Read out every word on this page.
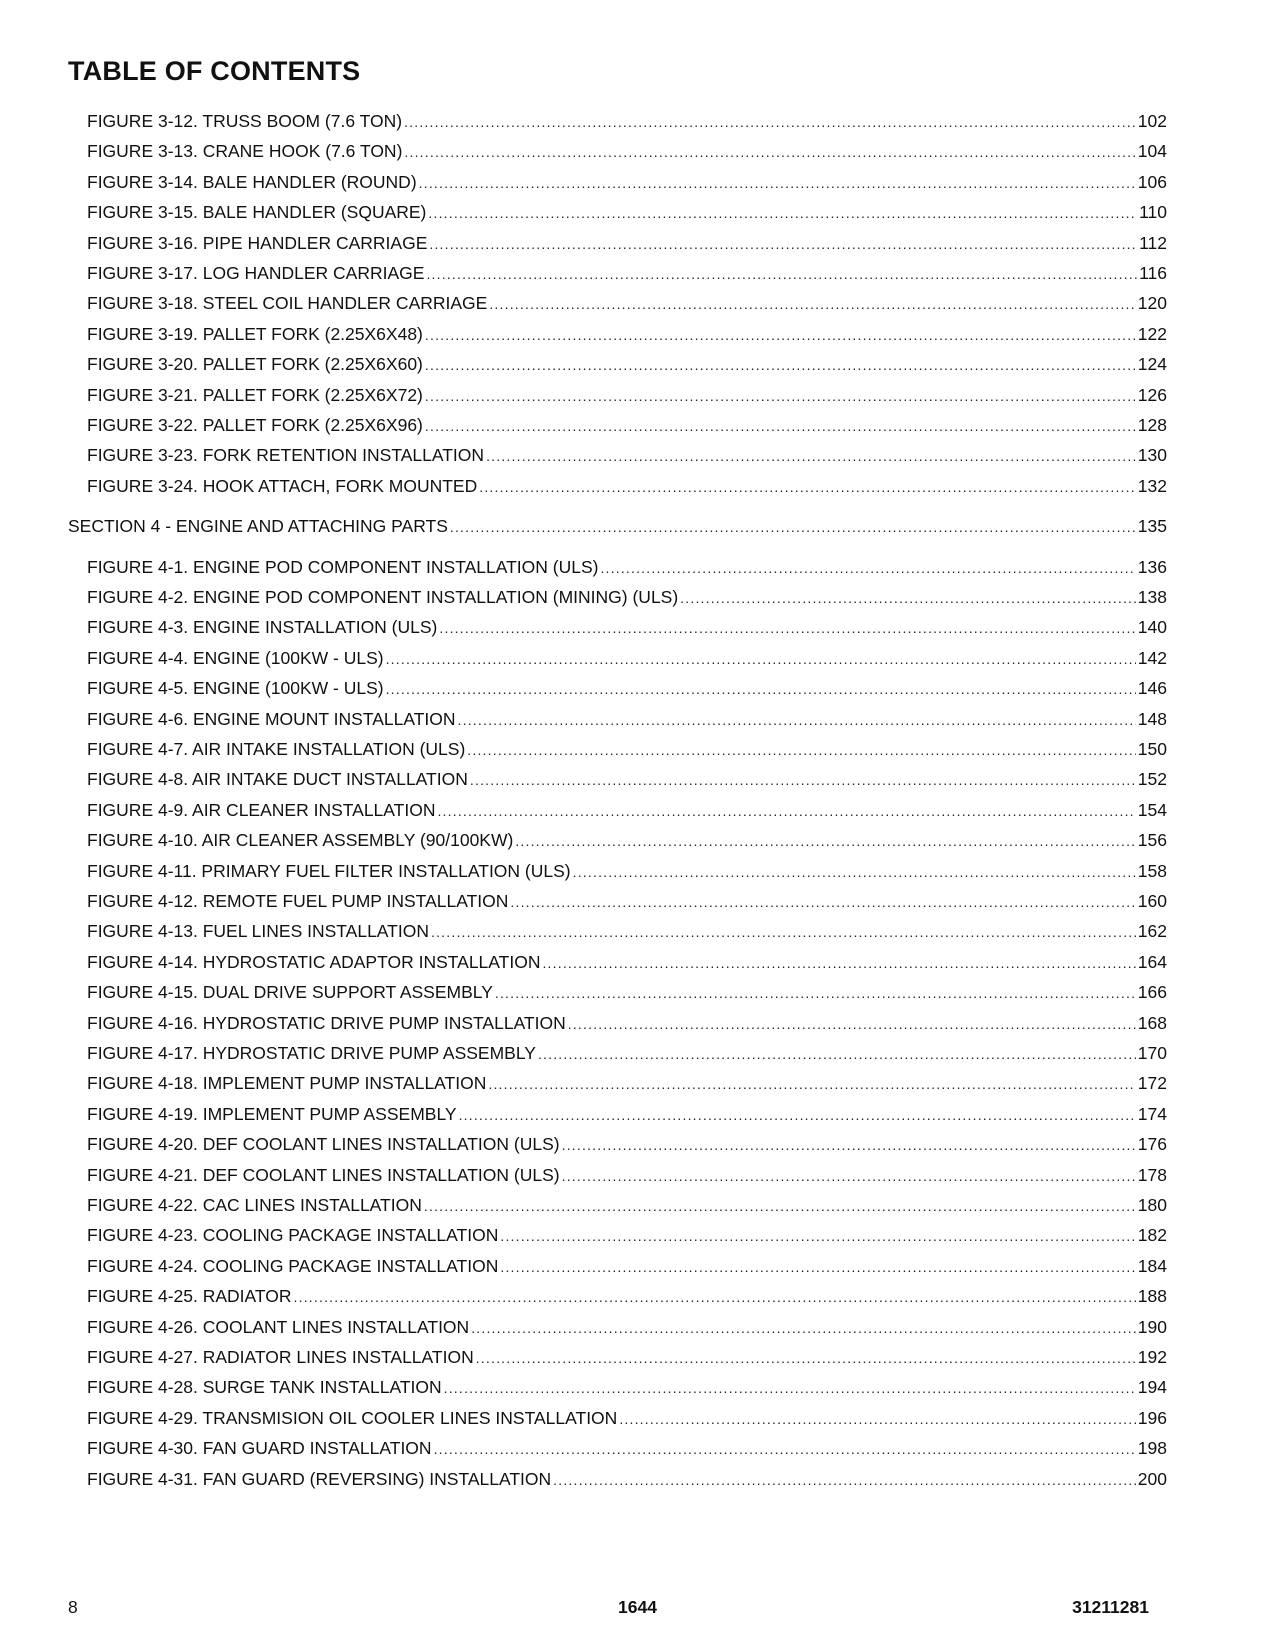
TABLE OF CONTENTS
FIGURE 3-12. TRUSS BOOM (7.6 TON) .....	102
FIGURE 3-13. CRANE HOOK (7.6 TON) .....	104
FIGURE 3-14. BALE HANDLER (ROUND) .....	106
FIGURE 3-15. BALE HANDLER (SQUARE) .....	110
FIGURE 3-16. PIPE HANDLER CARRIAGE .....	112
FIGURE 3-17. LOG HANDLER CARRIAGE .....	116
FIGURE 3-18. STEEL COIL HANDLER CARRIAGE .....	120
FIGURE 3-19. PALLET FORK (2.25X6X48) .....	122
FIGURE 3-20. PALLET FORK (2.25X6X60) .....	124
FIGURE 3-21. PALLET FORK (2.25X6X72) .....	126
FIGURE 3-22. PALLET FORK (2.25X6X96) .....	128
FIGURE 3-23. FORK RETENTION INSTALLATION .....	130
FIGURE 3-24. HOOK ATTACH, FORK MOUNTED .....	132
SECTION 4 - ENGINE AND ATTACHING PARTS .....	135
FIGURE 4-1. ENGINE POD COMPONENT INSTALLATION (ULS) .....	136
FIGURE 4-2. ENGINE POD COMPONENT INSTALLATION (MINING) (ULS) .....	138
FIGURE 4-3. ENGINE INSTALLATION (ULS) .....	140
FIGURE 4-4. ENGINE (100KW - ULS) .....	142
FIGURE 4-5. ENGINE (100KW - ULS) .....	146
FIGURE 4-6. ENGINE MOUNT INSTALLATION .....	148
FIGURE 4-7. AIR INTAKE INSTALLATION (ULS) .....	150
FIGURE 4-8. AIR INTAKE DUCT INSTALLATION .....	152
FIGURE 4-9. AIR CLEANER INSTALLATION .....	154
FIGURE 4-10. AIR CLEANER ASSEMBLY (90/100KW) .....	156
FIGURE 4-11. PRIMARY FUEL FILTER INSTALLATION (ULS) .....	158
FIGURE 4-12. REMOTE FUEL PUMP INSTALLATION .....	160
FIGURE 4-13. FUEL LINES INSTALLATION .....	162
FIGURE 4-14. HYDROSTATIC ADAPTOR INSTALLATION .....	164
FIGURE 4-15. DUAL DRIVE SUPPORT ASSEMBLY .....	166
FIGURE 4-16. HYDROSTATIC DRIVE PUMP INSTALLATION .....	168
FIGURE 4-17. HYDROSTATIC DRIVE PUMP ASSEMBLY .....	170
FIGURE 4-18. IMPLEMENT PUMP INSTALLATION .....	172
FIGURE 4-19. IMPLEMENT PUMP ASSEMBLY .....	174
FIGURE 4-20. DEF COOLANT LINES INSTALLATION (ULS) .....	176
FIGURE 4-21. DEF COOLANT LINES INSTALLATION (ULS) .....	178
FIGURE 4-22. CAC LINES INSTALLATION .....	180
FIGURE 4-23. COOLING PACKAGE INSTALLATION .....	182
FIGURE 4-24. COOLING PACKAGE INSTALLATION .....	184
FIGURE 4-25. RADIATOR .....	188
FIGURE 4-26. COOLANT LINES INSTALLATION .....	190
FIGURE 4-27. RADIATOR LINES INSTALLATION .....	192
FIGURE 4-28. SURGE TANK INSTALLATION .....	194
FIGURE 4-29. TRANSMISION OIL COOLER LINES INSTALLATION .....	196
FIGURE 4-30. FAN GUARD INSTALLATION .....	198
FIGURE 4-31. FAN GUARD (REVERSING) INSTALLATION .....	200
8	1644	31211281
